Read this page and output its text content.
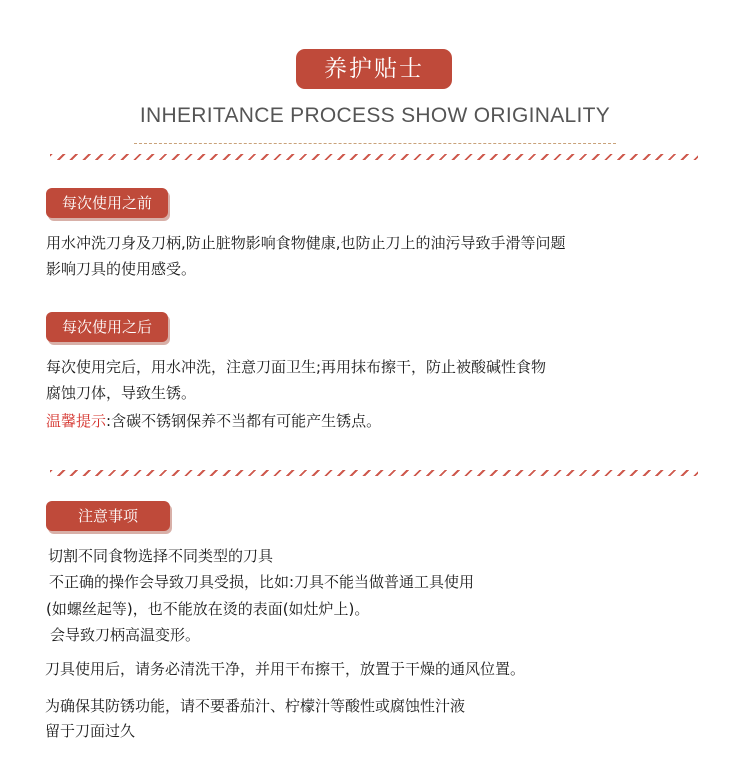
养护贴士
INHERITANCE PROCESS SHOW ORIGINALITY
每次使用之前
用水冲洗刀身及刀柄,防止脏物影响食物健康,也防止刀上的油污导致手滑等问题
影响刀具的使用感受。
每次使用之后
每次使用完后，用水冲洗，注意刀面卫生;再用抹布擦干，防止被酸碱性食物
腐蚀刀体，导致生锈。
温馨提示:含碳不锈钢保养不当都有可能产生锈点。
注意事项
切割不同食物选择不同类型的刀具
不正确的操作会导致刀具受损，比如:刀具不能当做普通工具使用
(如螺丝起等)，也不能放在烫的表面(如灶炉上)。
会导致刀柄高温变形。
刀具使用后，请务必清洗干净，并用干布擦干，放置于干燥的通风位置。
为确保其防锈功能，请不要番茄汁、柠檬汁等酸性或腐蚀性汁液
留于刀面过久
